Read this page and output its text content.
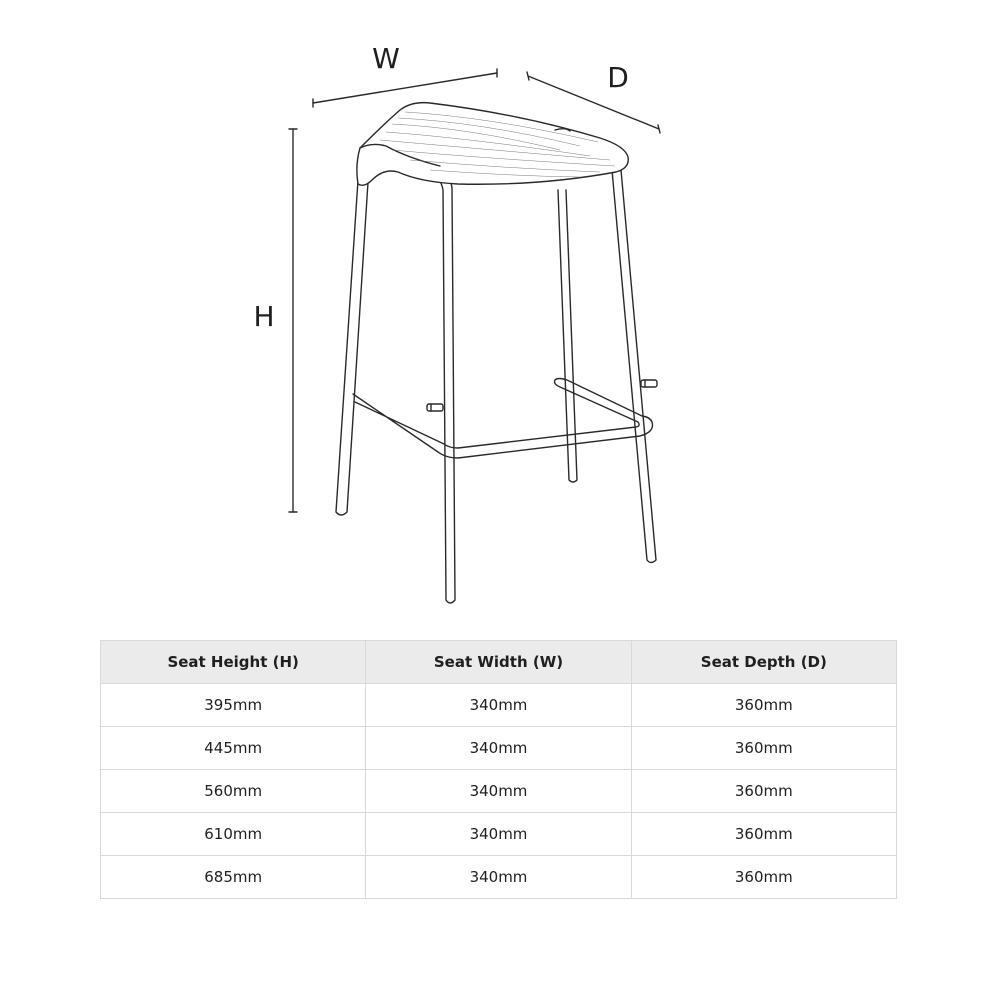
W
D
H
Seat Height (H)	Seat Width (W)	Seat Depth (D)
395mm	340mm	360mm
445mm	340mm	360mm
560mm	340mm	360mm
610mm	340mm	360mm
685mm	340mm	360mm
